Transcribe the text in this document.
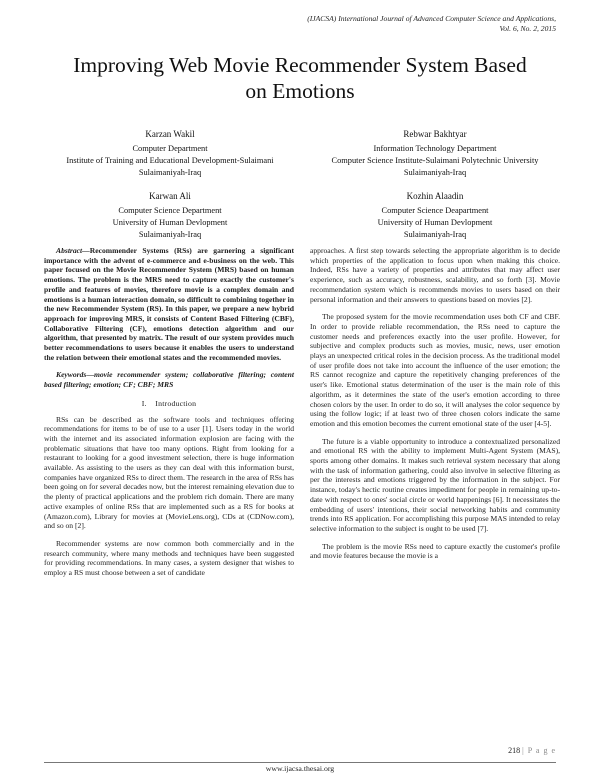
(IJACSA) International Journal of Advanced Computer Science and Applications,
Vol. 6, No. 2, 2015
Improving Web Movie Recommender System Based
on Emotions
Karzan Wakil
Computer Department
Institute of Training and Educational Development-Sulaimani
Sulaimaniyah-Iraq
Rebwar Bakhtyar
Information Technology Department
Computer Science Institute-Sulaimani Polytechnic University
Sulaimaniyah-Iraq
Karwan Ali
Computer Science Department
University of Human Devlopment
Sulaimaniyah-Iraq
Kozhin Alaadin
Computer Science Deapartment
University of Human Devlopment
Sulaimaniyah-Iraq

Abstract—Recommender Systems (RSs) are garnering a significant importance with the advent of e-commerce and e-business on the web. This paper focused on the Movie Recommender System (MRS) based on human emotions. The problem is the MRS need to capture exactly the customer's profile and features of movies, therefore movie is a complex domain and emotions is a human interaction domain, so difficult to combining together in the new Recommender System (RS). In this paper, we prepare a new hybrid approach for improving MRS, it consists of Content Based Filtering (CBF), Collaborative Filtering (CF), emotions detection algorithm and our algorithm, that presented by matrix. The result of our system provides much better recommendations to users because it enables the users to understand the relation between their emotional states and the recommended movies.

Keywords—movie recommender system; collaborative filtering; content based filtering; emotion; CF; CBF; MRS

I. Introduction

RSs can be described as the software tools and techniques offering recommendations for items to be of use to a user [1]. Users today in the world with the internet and its associated information explosion are facing with the problematic situations that have too many options. Right from looking for a restaurant to looking for a good investment selection, there is huge information available. As assisting to the users as they can deal with this information burst, companies have organized RSs to direct them. The research in the area of RSs has been going on for several decades now, but the interest remaining elevation due to the plenty of practical applications and the problem rich domain. There are many active examples of online RSs that are implemented such as a RS for books at (Amazon.com), Library for movies at (MovieLens.org), CDs at (CDNow.com), and so on [2].

Recommender systems are now common both commercially and in the research community, where many methods and techniques have been suggested for providing recommendations. In many cases, a system designer that wishes to employ a RS must choose between a set of candidate

approaches. A first step towards selecting the appropriate algorithm is to decide which properties of the application to focus upon when making this choice. Indeed, RSs have a variety of properties and attributes that may affect user experience, such as accuracy, robustness, scalability, and so forth [3]. Movie recommendation system which is recommends movies to users based on their personal information and their answers to questions based on movies [2].

The proposed system for the movie recommendation uses both CF and CBF. In order to provide reliable recommendation, the RSs need to capture the customer needs and preferences exactly into the user profile. However, for subjective and complex products such as movies, music, news, user emotion plays an unexpected critical roles in the decision process. As the traditional model of user profile does not take into account the influence of the user emotion; the RS cannot recognize and capture the repetitively changing preferences of the user's like. Emotional status determination of the user is the main role of this algorithm, as it determines the state of the user's emotion according to three chosen colors by the user. In order to do so, it will analyses the color sequence by using the follow logic; if at least two of three chosen colors indicate the same emotion and this emotion becomes the current emotional state of the user [4-5].

The future is a viable opportunity to introduce a contextualized personalized and emotional RS with the ability to implement Multi-Agent System (MAS), sports among other domains. It makes such retrieval system necessary that along with the task of information gathering, could also involve in selective filtering as per the interests and emotions triggered by the information in the subject. For instance, today's hectic routine creates impediment for people in remaining up-to-date with respect to ones' social circle or world happenings [6]. It necessitates the embedding of users' intentions, their social networking habits and community trends into RS application. For accomplishing this purpose MAS intended to relay selective information to the subject is ought to be used [7].

The problem is the movie RSs need to capture exactly the customer's profile and movie features because the movie is a

218 | P a g e
www.ijacsa.thesai.org
